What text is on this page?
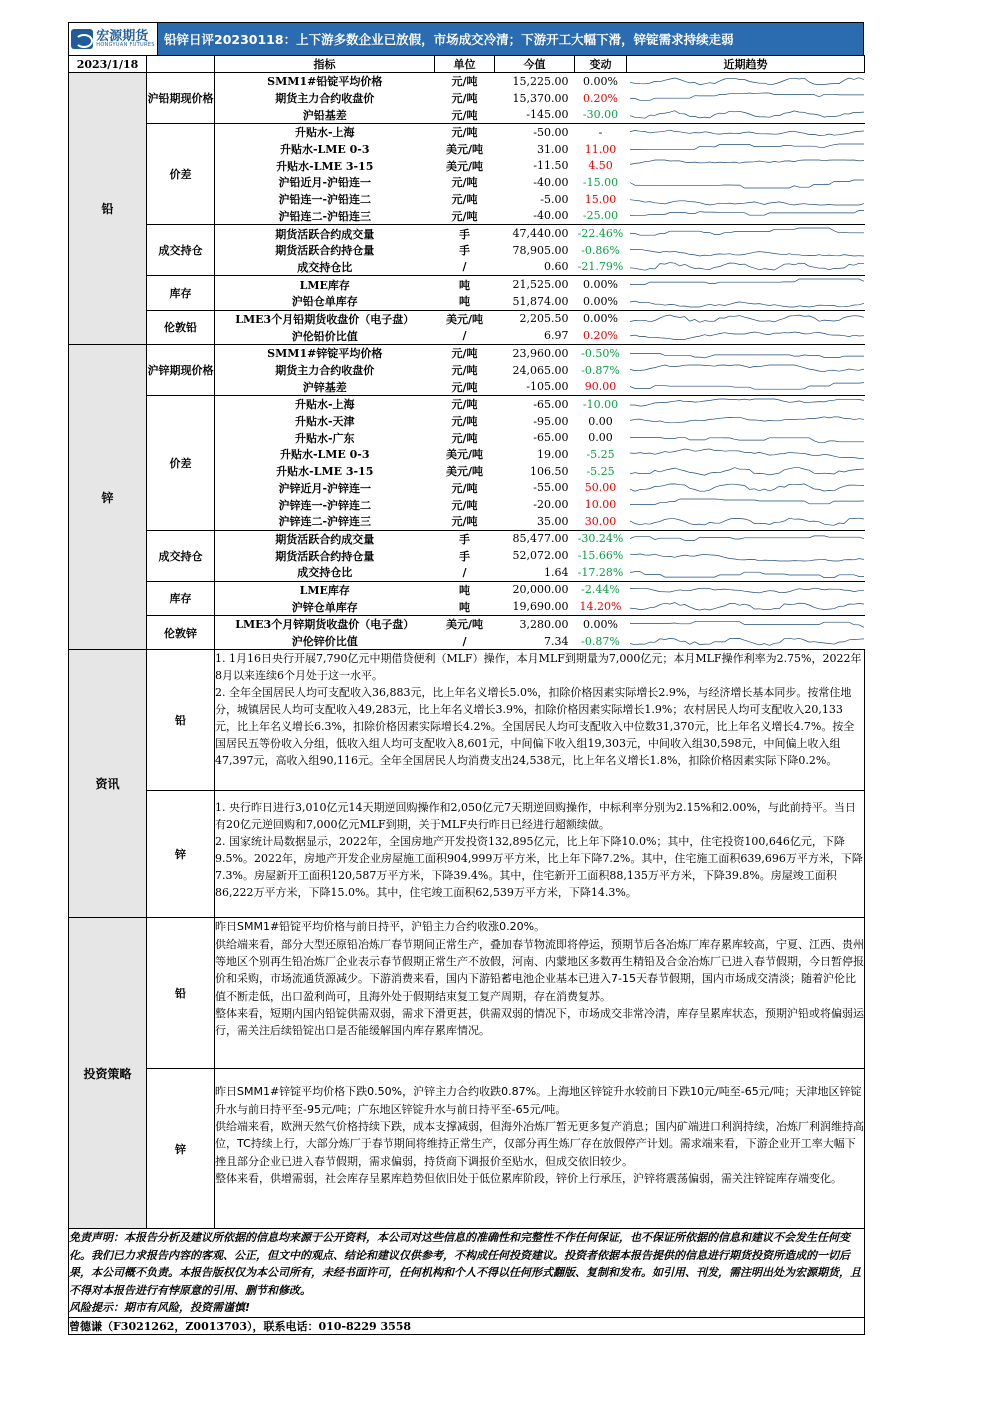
宏源期货
HONGYUAN FUTURES 铅锌日评20230118：上下游多数企业已放假，市场成交冷清；下游开工大幅下滑，锌锭需求持续走弱
2023/1/18		指标	单位	今值	变动	近期趋势
铅	沪铅期现价格	SMM1#铅锭平均价格	元/吨	15,225.00	0.00%	

		期货主力合约收盘价	元/吨	15,370.00	0.20%	

		沪铅基差	元/吨	-145.00	-30.00	

	价差	升贴水-上海	元/吨	-50.00	-	

		升贴水-LME 0-3	美元/吨	31.00	11.00	

		升贴水-LME 3-15	美元/吨	-11.50	4.50	

		沪铅近月-沪铅连一	元/吨	-40.00	-15.00	

		沪铅连一-沪铅连二	元/吨	-5.00	15.00	

		沪铅连二-沪铅连三	元/吨	-40.00	-25.00	

	成交持仓	期货活跃合约成交量	手	47,440.00	-22.46%	

		期货活跃合约持仓量	手	78,905.00	-0.86%	

		成交持仓比	/	0.60	-21.79%	

	库存	LME库存	吨	21,525.00	0.00%	

		沪铅仓单库存	吨	51,874.00	0.00%	

	伦敦铅	LME3个月铅期货收盘价（电子盘）	美元/吨	2,205.50	0.00%	

		沪伦铅价比值	/	6.97	0.20%	

锌	沪锌期现价格	SMM1#锌锭平均价格	元/吨	23,960.00	-0.50%	

		期货主力合约收盘价	元/吨	24,065.00	-0.87%	

		沪锌基差	元/吨	-105.00	90.00	

	价差	升贴水-上海	元/吨	-65.00	-10.00	

		升贴水-天津	元/吨	-95.00	0.00	

		升贴水-广东	元/吨	-65.00	0.00	

		升贴水-LME 0-3	美元/吨	19.00	-5.25	

		升贴水-LME 3-15	美元/吨	106.50	-5.25	

		沪锌近月-沪锌连一	元/吨	-55.00	50.00	

		沪锌连一-沪锌连二	元/吨	-20.00	10.00	

		沪锌连二-沪锌连三	元/吨	35.00	30.00	

	成交持仓	期货活跃合约成交量	手	85,477.00	-30.24%	

		期货活跃合约持仓量	手	52,072.00	-15.66%	

		成交持仓比	/	1.64	-17.28%	

	库存	LME库存	吨	20,000.00	-2.44%	

		沪锌仓单库存	吨	19,690.00	14.20%	

	伦敦锌	LME3个月锌期货收盘价（电子盘）	美元/吨	3,280.00	0.00%	

		沪伦锌价比值	/	7.34	-0.87%	
资讯	铅	1. 1月16日央行开展7,790亿元中期借贷便利（MLF）操作，本月MLF到期量为7,000亿元；本月MLF操作利率为2.75%，2022年8月以来连续6个月处于这一水平。

2. 全年全国居民人均可支配收入36,883元，比上年名义增长5.0%，扣除价格因素实际增长2.9%，与经济增长基本同步。按常住地分，城镇居民人均可支配收入49,283元，比上年名义增长3.9%，扣除价格因素实际增长1.9%；农村居民人均可支配收入20,133元，比上年名义增长6.3%，扣除价格因素实际增长4.2%。全国居民人均可支配收入中位数31,370元，比上年名义增长4.7%。按全国居民五等份收入分组，低收入组人均可支配收入8,601元，中间偏下收入组19,303元，中间收入组30,598元，中间偏上收入组47,397元，高收入组90,116元。全年全国居民人均消费支出24,538元，比上年名义增长1.8%，扣除价格因素实际下降0.2%。

	锌	1. 央行昨日进行3,010亿元14天期逆回购操作和2,050亿元7天期逆回购操作，中标利率分别为2.15%和2.00%，与此前持平。当日有20亿元逆回购和7,000亿元MLF到期，关于MLF央行昨日已经进行超额续做。

2. 国家统计局数据显示，2022年，全国房地产开发投资132,895亿元，比上年下降10.0%；其中，住宅投资100,646亿元，下降9.5%。2022年，房地产开发企业房屋施工面积904,999万平方米，比上年下降7.2%。其中，住宅施工面积639,696万平方米，下降7.3%。房屋新开工面积120,587万平方米，下降39.4%。其中，住宅新开工面积88,135万平方米，下降39.8%。房屋竣工面积86,222万平方米，下降15.0%。其中，住宅竣工面积62,539万平方米，下降14.3%。

投资策略	铅	昨日SMM1#铅锭平均价格与前日持平，沪铅主力合约收涨0.20%。

供给端来看，部分大型还原铅冶炼厂春节期间正常生产，叠加春节物流即将停运，预期节后各冶炼厂库存累库较高，宁夏、江西、贵州等地区个别再生铅冶炼厂企业表示春节假期正常生产不放假，河南、内蒙地区多数再生精铅及合金冶炼厂已进入春节假期，今日暂停报价和采购，市场流通货源减少。下游消费来看，国内下游铅蓄电池企业基本已进入7-15天春节假期，国内市场成交清淡；随着沪伦比值不断走低，出口盈利尚可，且海外处于假期结束复工复产周期，存在消费复苏。

整体来看，短期内国内铅锭供需双弱，需求下滑更甚，供需双弱的情况下，市场成交非常冷清，库存呈累库状态，预期沪铅或将偏弱运行，需关注后续铅锭出口是否能缓解国内库存累库情况。

	锌	昨日SMM1#锌锭平均价格下跌0.50%，沪锌主力合约收跌0.87%。上海地区锌锭升水较前日下跌10元/吨至-65元/吨；天津地区锌锭升水与前日持平至-95元/吨；广东地区锌锭升水与前日持平至-65元/吨。

供给端来看，欧洲天然气价格持续下跌，成本支撑减弱，但海外冶炼厂暂无更多复产消息；国内矿端进口利润持续，冶炼厂利润维持高位，TC持续上行，大部分炼厂于春节期间将维持正常生产，仅部分再生炼厂存在放假停产计划。需求端来看，下游企业开工率大幅下挫且部分企业已进入春节假期，需求偏弱，持货商下调报价至贴水，但成交依旧较少。

整体来看，供增需弱，社会库存呈累库趋势但依旧处于低位累库阶段，锌价上行承压，沪锌将震荡偏弱，需关注锌锭库存端变化。

免责声明：本报告分析及建议所依据的信息均来源于公开资料，本公司对这些信息的准确性和完整性不作任何保证，也不保证所依据的信息和建议不会发生任何变化。我们已力求报告内容的客观、公正，但文中的观点、结论和建议仅供参考，不构成任何投资建议。投资者依据本报告提供的信息进行期货投资所造成的一切后果，本公司概不负责。本报告版权仅为本公司所有，未经书面许可，任何机构和个人不得以任何形式翻版、复制和发布。如引用、刊发，需注明出处为宏源期货，且不得对本报告进行有悖原意的引用、删节和修改。

风险提示：期市有风险，投资需谨慎!		

曾德谦（F3021262，Z0013703），联系电话：010-8229 3558		
